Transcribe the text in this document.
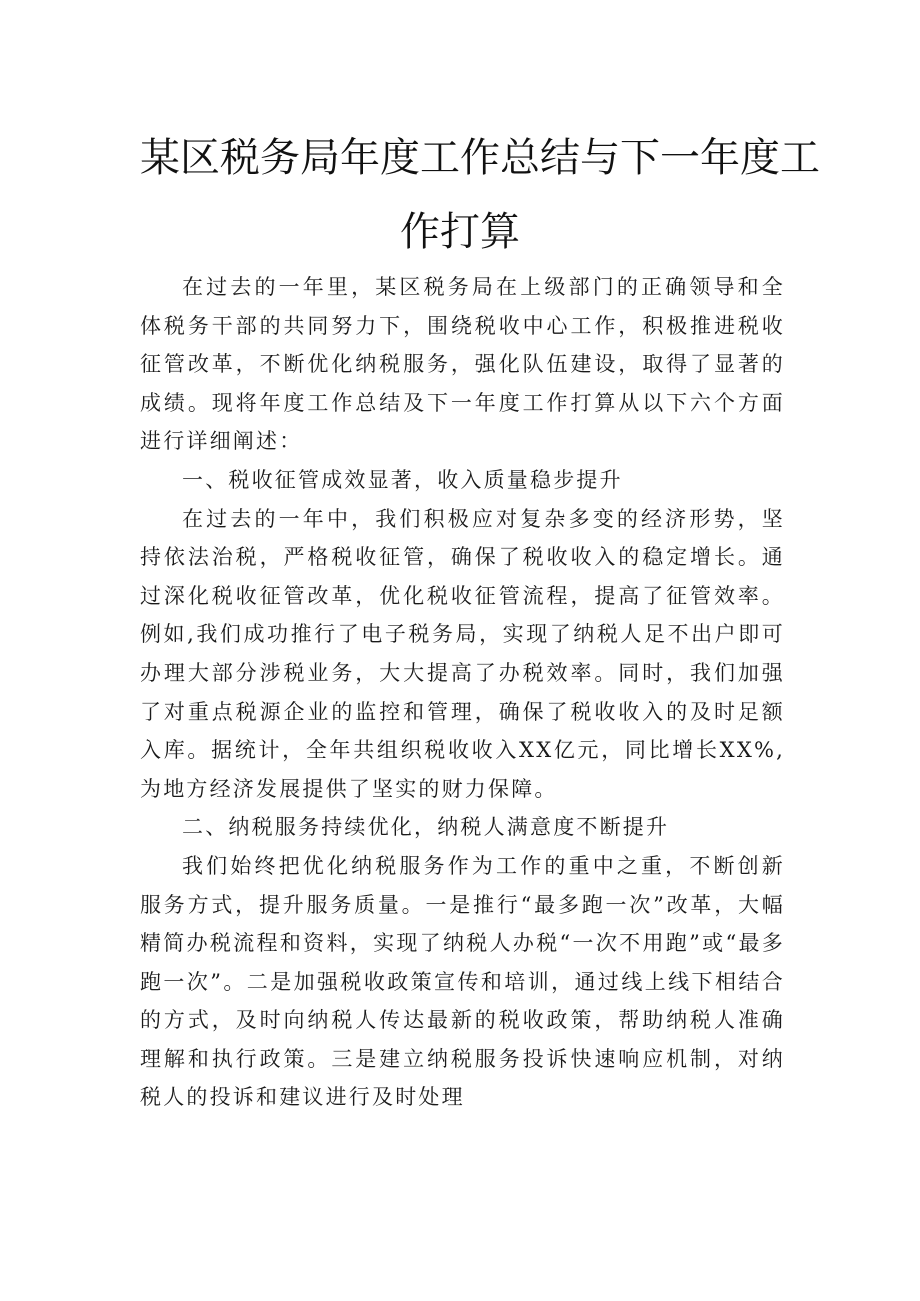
某区税务局年度工作总结与下一年度工
作打算

在过去的一年里，某区税务局在上级部门的正确领导和全体税务干部的共同努力下，围绕税收中心工作，积极推进税收征管改革，不断优化纳税服务，强化队伍建设，取得了显著的成绩。现将年度工作总结及下一年度工作打算从以下六个方面进行详细阐述：

一、税收征管成效显著，收入质量稳步提升

在过去的一年中，我们积极应对复杂多变的经济形势，坚持依法治税，严格税收征管，确保了税收收入的稳定增长。通过深化税收征管改革，优化税收征管流程，提高了征管效率。例如,我们成功推行了电子税务局，实现了纳税人足不出户即可办理大部分涉税业务，大大提高了办税效率。同时，我们加强了对重点税源企业的监控和管理，确保了税收收入的及时足额入库。据统计，全年共组织税收收入XX亿元，同比增长XX%,为地方经济发展提供了坚实的财力保障。

二、纳税服务持续优化，纳税人满意度不断提升

我们始终把优化纳税服务作为工作的重中之重，不断创新服务方式，提升服务质量。一是推行“最多跑一次”改革，大幅精简办税流程和资料，实现了纳税人办税“一次不用跑”或“最多跑一次”。二是加强税收政策宣传和培训，通过线上线下相结合的方式，及时向纳税人传达最新的税收政策，帮助纳税人准确理解和执行政策。三是建立纳税服务投诉快速响应机制，对纳税人的投诉和建议进行及时处理
